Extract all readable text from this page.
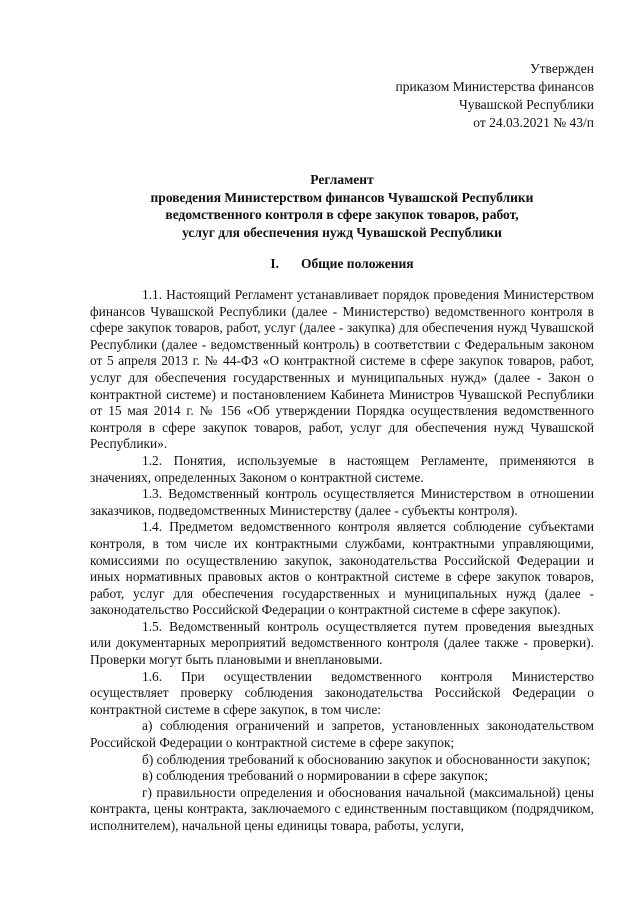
Утвержден
приказом Министерства финансов
Чувашской Республики
от 24.03.2021 № 43/п
Регламент
проведения Министерством финансов Чувашской Республики
ведомственного контроля в сфере закупок товаров, работ,
услуг для обеспечения нужд Чувашской Республики
I. Общие положения

1.1. Настоящий Регламент устанавливает порядок проведения Министерством финансов Чувашской Республики (далее - Министерство) ведомственного контроля в сфере закупок товаров, работ, услуг (далее - закупка) для обеспечения нужд Чувашской Республики (далее - ведомственный контроль) в соответствии с Федеральным законом от 5 апреля 2013 г. № 44-ФЗ «О контрактной системе в сфере закупок товаров, работ, услуг для обеспечения государственных и муниципальных нужд» (далее - Закон о контрактной системе) и постановлением Кабинета Министров Чувашской Республики от 15 мая 2014 г. № 156 «Об утверждении Порядка осуществления ведомственного контроля в сфере закупок товаров, работ, услуг для обеспечения нужд Чувашской Республики».

1.2. Понятия, используемые в настоящем Регламенте, применяются в значениях, определенных Законом о контрактной системе.

1.3. Ведомственный контроль осуществляется Министерством в отношении заказчиков, подведомственных Министерству (далее - субъекты контроля).

1.4. Предметом ведомственного контроля является соблюдение субъектами контроля, в том числе их контрактными службами, контрактными управляющими, комиссиями по осуществлению закупок, законодательства Российской Федерации и иных нормативных правовых актов о контрактной системе в сфере закупок товаров, работ, услуг для обеспечения государственных и муниципальных нужд (далее - законодательство Российской Федерации о контрактной системе в сфере закупок).

1.5. Ведомственный контроль осуществляется путем проведения выездных или документарных мероприятий ведомственного контроля (далее также - проверки). Проверки могут быть плановыми и внеплановыми.

1.6. При осуществлении ведомственного контроля Министерство осуществляет проверку соблюдения законодательства Российской Федерации о контрактной системе в сфере закупок, в том числе:

а) соблюдения ограничений и запретов, установленных законодательством Российской Федерации о контрактной системе в сфере закупок;

б) соблюдения требований к обоснованию закупок и обоснованности закупок;

в) соблюдения требований о нормировании в сфере закупок;

г) правильности определения и обоснования начальной (максимальной) цены контракта, цены контракта, заключаемого с единственным поставщиком (подрядчиком, исполнителем), начальной цены единицы товара, работы, услуги,
